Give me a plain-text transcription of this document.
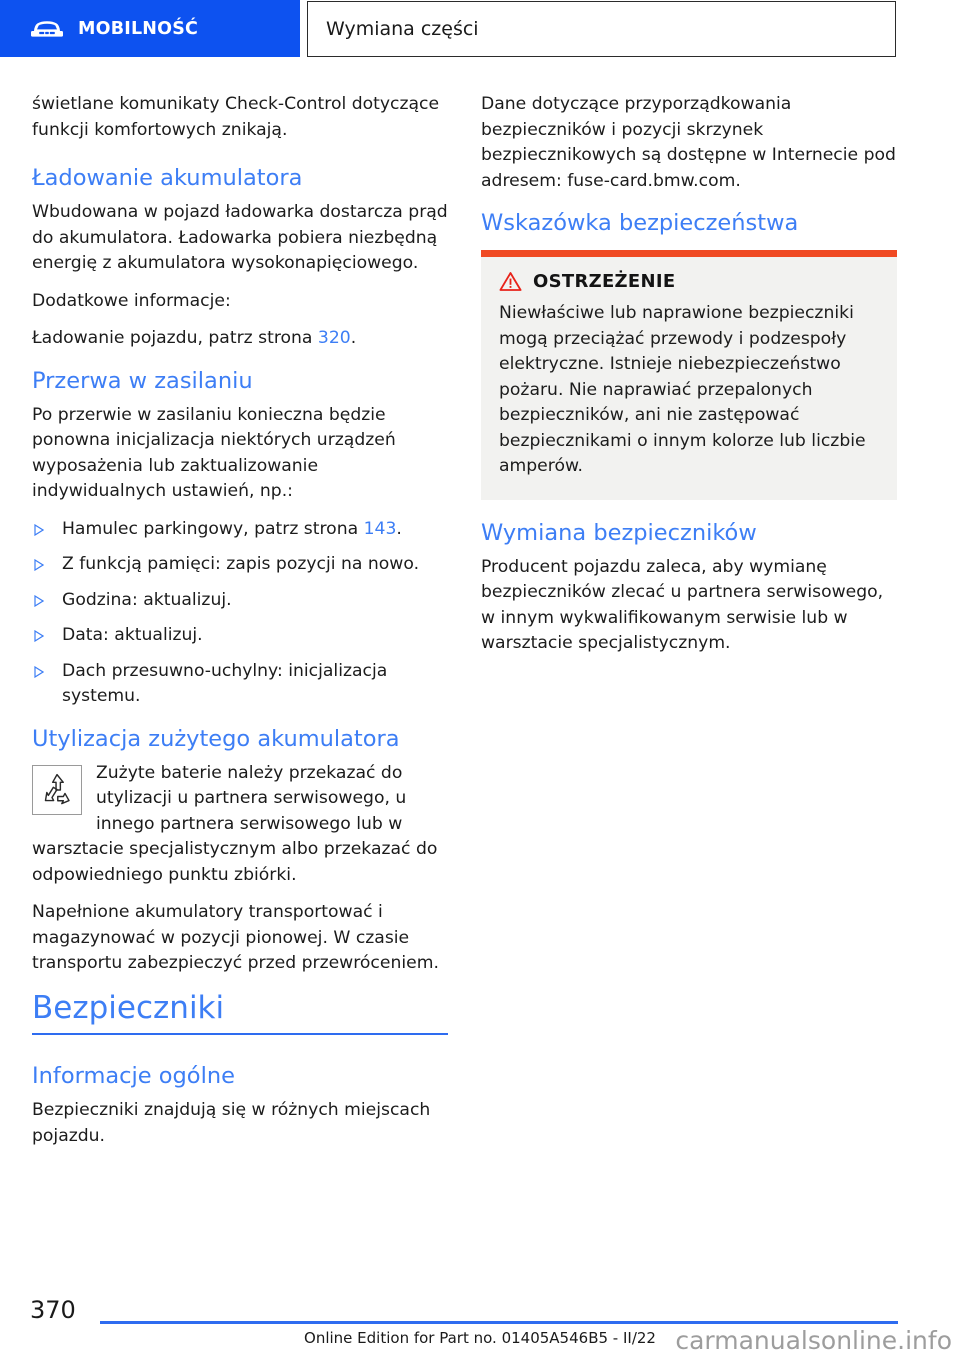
MOBILNOŚĆ	Wymiana części

świetlane komunikaty Check-Control dotyczące funkcji komfortowych znikają.

Ładowanie akumulatora

Wbudowana w pojazd ładowarka dostarcza prąd do akumulatora. Ładowarka pobiera niezbędną energię z akumulatora wysokonapięciowego.

Dodatkowe informacje:

Ładowanie pojazdu, patrz strona 320.

Przerwa w zasilaniu

Po przerwie w zasilaniu konieczna będzie ponowna inicjalizacja niektórych urządzeń wyposażenia lub zaktualizowanie indywidualnych ustawień, np.:

Hamulec parkingowy, patrz strona 143.
Z funkcją pamięci: zapis pozycji na nowo.
Godzina: aktualizuj.
Data: aktualizuj.
Dach przesuwno-uchylny: inicjalizacja systemu.
Utylizacja zużytego akumulatora

Zużyte baterie należy przekazać do utylizacji u partnera serwisowego, u innego partnera serwisowego lub w warsztacie specjalistycznym albo przekazać do odpowiedniego punktu zbiórki.

Napełnione akumulatory transportować i magazynować w pozycji pionowej. W czasie transportu zabezpieczyć przed przewróceniem.

Bezpieczniki
Informacje ogólne

Bezpieczniki znajdują się w różnych miejscach pojazdu.

Dane dotyczące przyporządkowania bezpieczników i pozycji skrzynek bezpiecznikowych są dostępne w Internecie pod adresem: fuse-card.bmw.com.

Wskazówka bezpieczeństwa
OSTRZEŻENIE

Niewłaściwe lub naprawione bezpieczniki mogą przeciążać przewody i podzespoły elektryczne. Istnieje niebezpieczeństwo pożaru. Nie naprawiać przepalonych bezpieczników, ani nie zastępować bezpiecznikami o innym kolorze lub liczbie amperów.

Wymiana bezpieczników

Producent pojazdu zaleca, aby wymianę bezpieczników zlecać u partnera serwisowego, w innym wykwalifikowanym serwisie lub w warsztacie specjalistycznym.

370
Online Edition for Part no. 01405A546B5 - II/22 carmanualsonline.info
